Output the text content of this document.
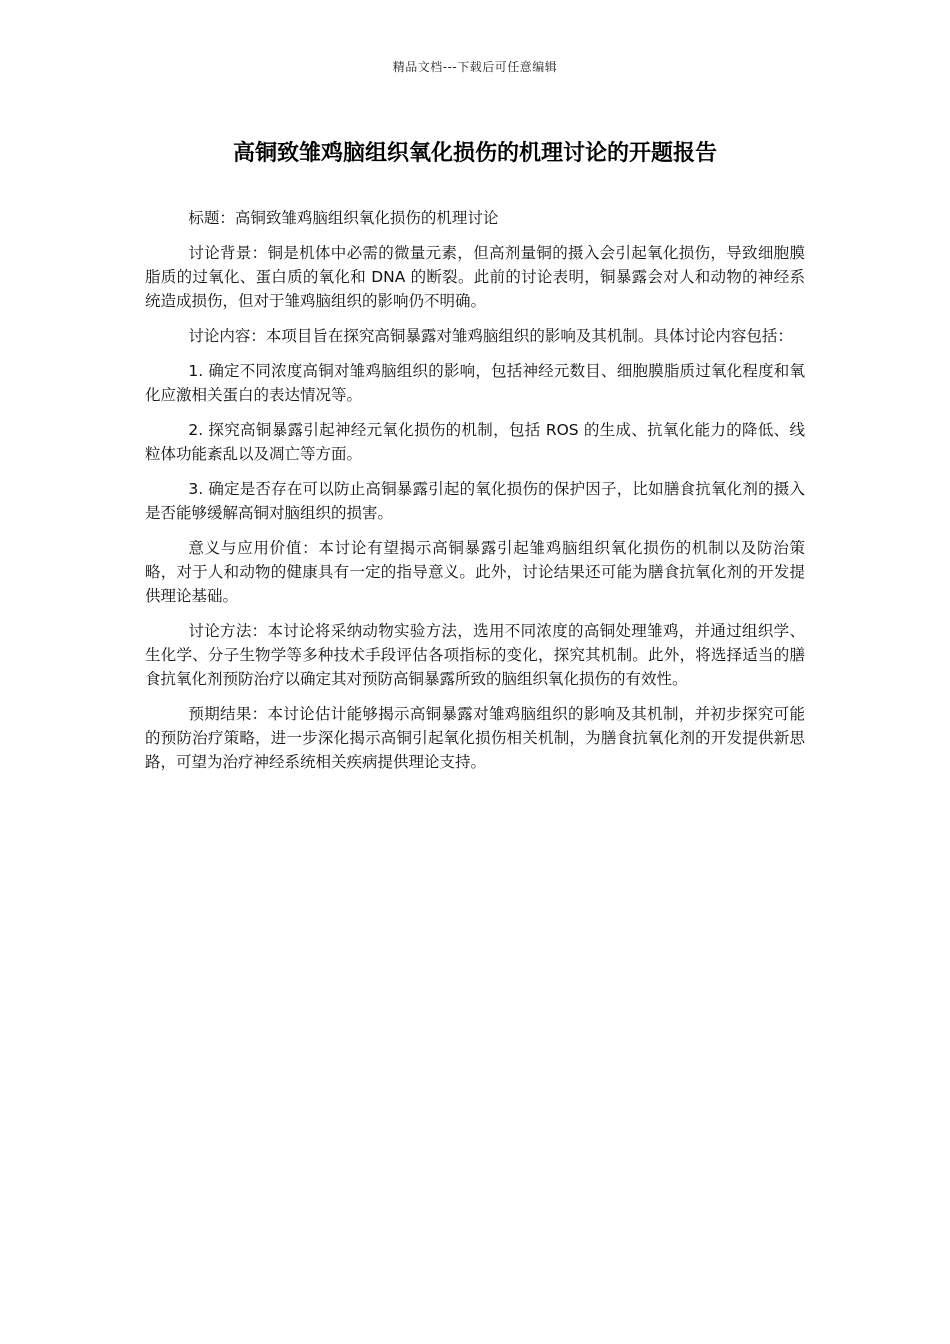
精品文档---下载后可任意编辑
高铜致雏鸡脑组织氧化损伤的机理讨论的开题报告

标题：高铜致雏鸡脑组织氧化损伤的机理讨论

讨论背景：铜是机体中必需的微量元素，但高剂量铜的摄入会引起氧化损伤，导致细胞膜脂质的过氧化、蛋白质的氧化和 DNA 的断裂。此前的讨论表明，铜暴露会对人和动物的神经系统造成损伤，但对于雏鸡脑组织的影响仍不明确。

讨论内容：本项目旨在探究高铜暴露对雏鸡脑组织的影响及其机制。具体讨论内容包括：

1. 确定不同浓度高铜对雏鸡脑组织的影响，包括神经元数目、细胞膜脂质过氧化程度和氧化应激相关蛋白的表达情况等。

2. 探究高铜暴露引起神经元氧化损伤的机制，包括 ROS 的生成、抗氧化能力的降低、线粒体功能紊乱以及凋亡等方面。

3. 确定是否存在可以防止高铜暴露引起的氧化损伤的保护因子，比如膳食抗氧化剂的摄入是否能够缓解高铜对脑组织的损害。

意义与应用价值：本讨论有望揭示高铜暴露引起雏鸡脑组织氧化损伤的机制以及防治策略，对于人和动物的健康具有一定的指导意义。此外，讨论结果还可能为膳食抗氧化剂的开发提供理论基础。

讨论方法：本讨论将采纳动物实验方法，选用不同浓度的高铜处理雏鸡，并通过组织学、生化学、分子生物学等多种技术手段评估各项指标的变化，探究其机制。此外，将选择适当的膳食抗氧化剂预防治疗以确定其对预防高铜暴露所致的脑组织氧化损伤的有效性。

预期结果：本讨论估计能够揭示高铜暴露对雏鸡脑组织的影响及其机制，并初步探究可能的预防治疗策略，进一步深化揭示高铜引起氧化损伤相关机制，为膳食抗氧化剂的开发提供新思路，可望为治疗神经系统相关疾病提供理论支持。
